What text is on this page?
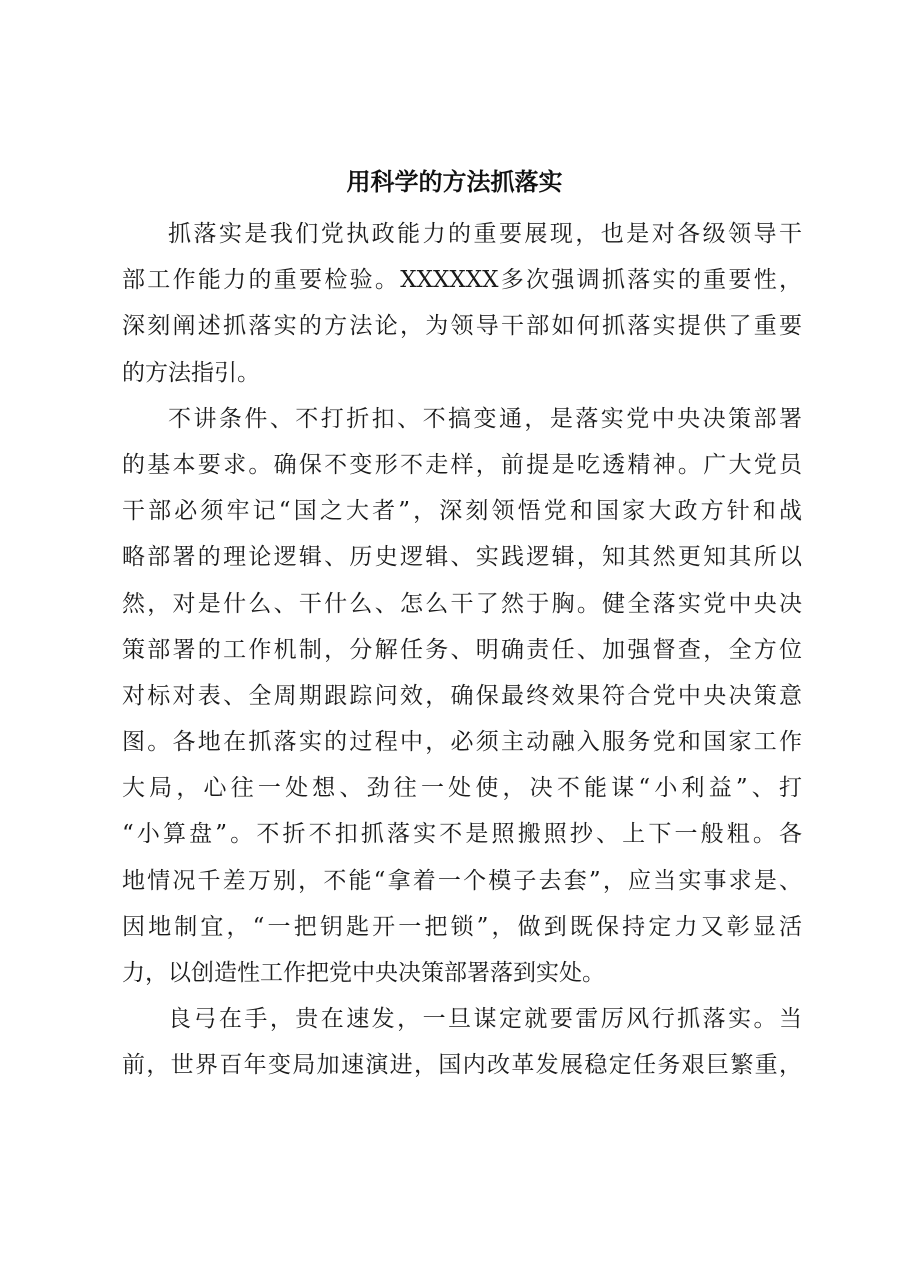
用科学的方法抓落实
抓落实是我们党执政能力的重要展现，也是对各级领导干
部工作能力的重要检验。XXXXXX多次强调抓落实的重要性，
深刻阐述抓落实的方法论，为领导干部如何抓落实提供了重要
的方法指引。
不讲条件、不打折扣、不搞变通，是落实党中央决策部署
的基本要求。确保不变形不走样，前提是吃透精神。广大党员
干部必须牢记“国之大者”，深刻领悟党和国家大政方针和战
略部署的理论逻辑、历史逻辑、实践逻辑，知其然更知其所以
然，对是什么、干什么、怎么干了然于胸。健全落实党中央决
策部署的工作机制，分解任务、明确责任、加强督查，全方位
对标对表、全周期跟踪问效，确保最终效果符合党中央决策意
图。各地在抓落实的过程中，必须主动融入服务党和国家工作
大局，心往一处想、劲往一处使，决不能谋“小利益”、打
“小算盘”。不折不扣抓落实不是照搬照抄、上下一般粗。各
地情况千差万别，不能“拿着一个模子去套”，应当实事求是、
因地制宜，“一把钥匙开一把锁”，做到既保持定力又彰显活
力，以创造性工作把党中央决策部署落到实处。
良弓在手，贵在速发，一旦谋定就要雷厉风行抓落实。当
前，世界百年变局加速演进，国内改革发展稳定任务艰巨繁重，
